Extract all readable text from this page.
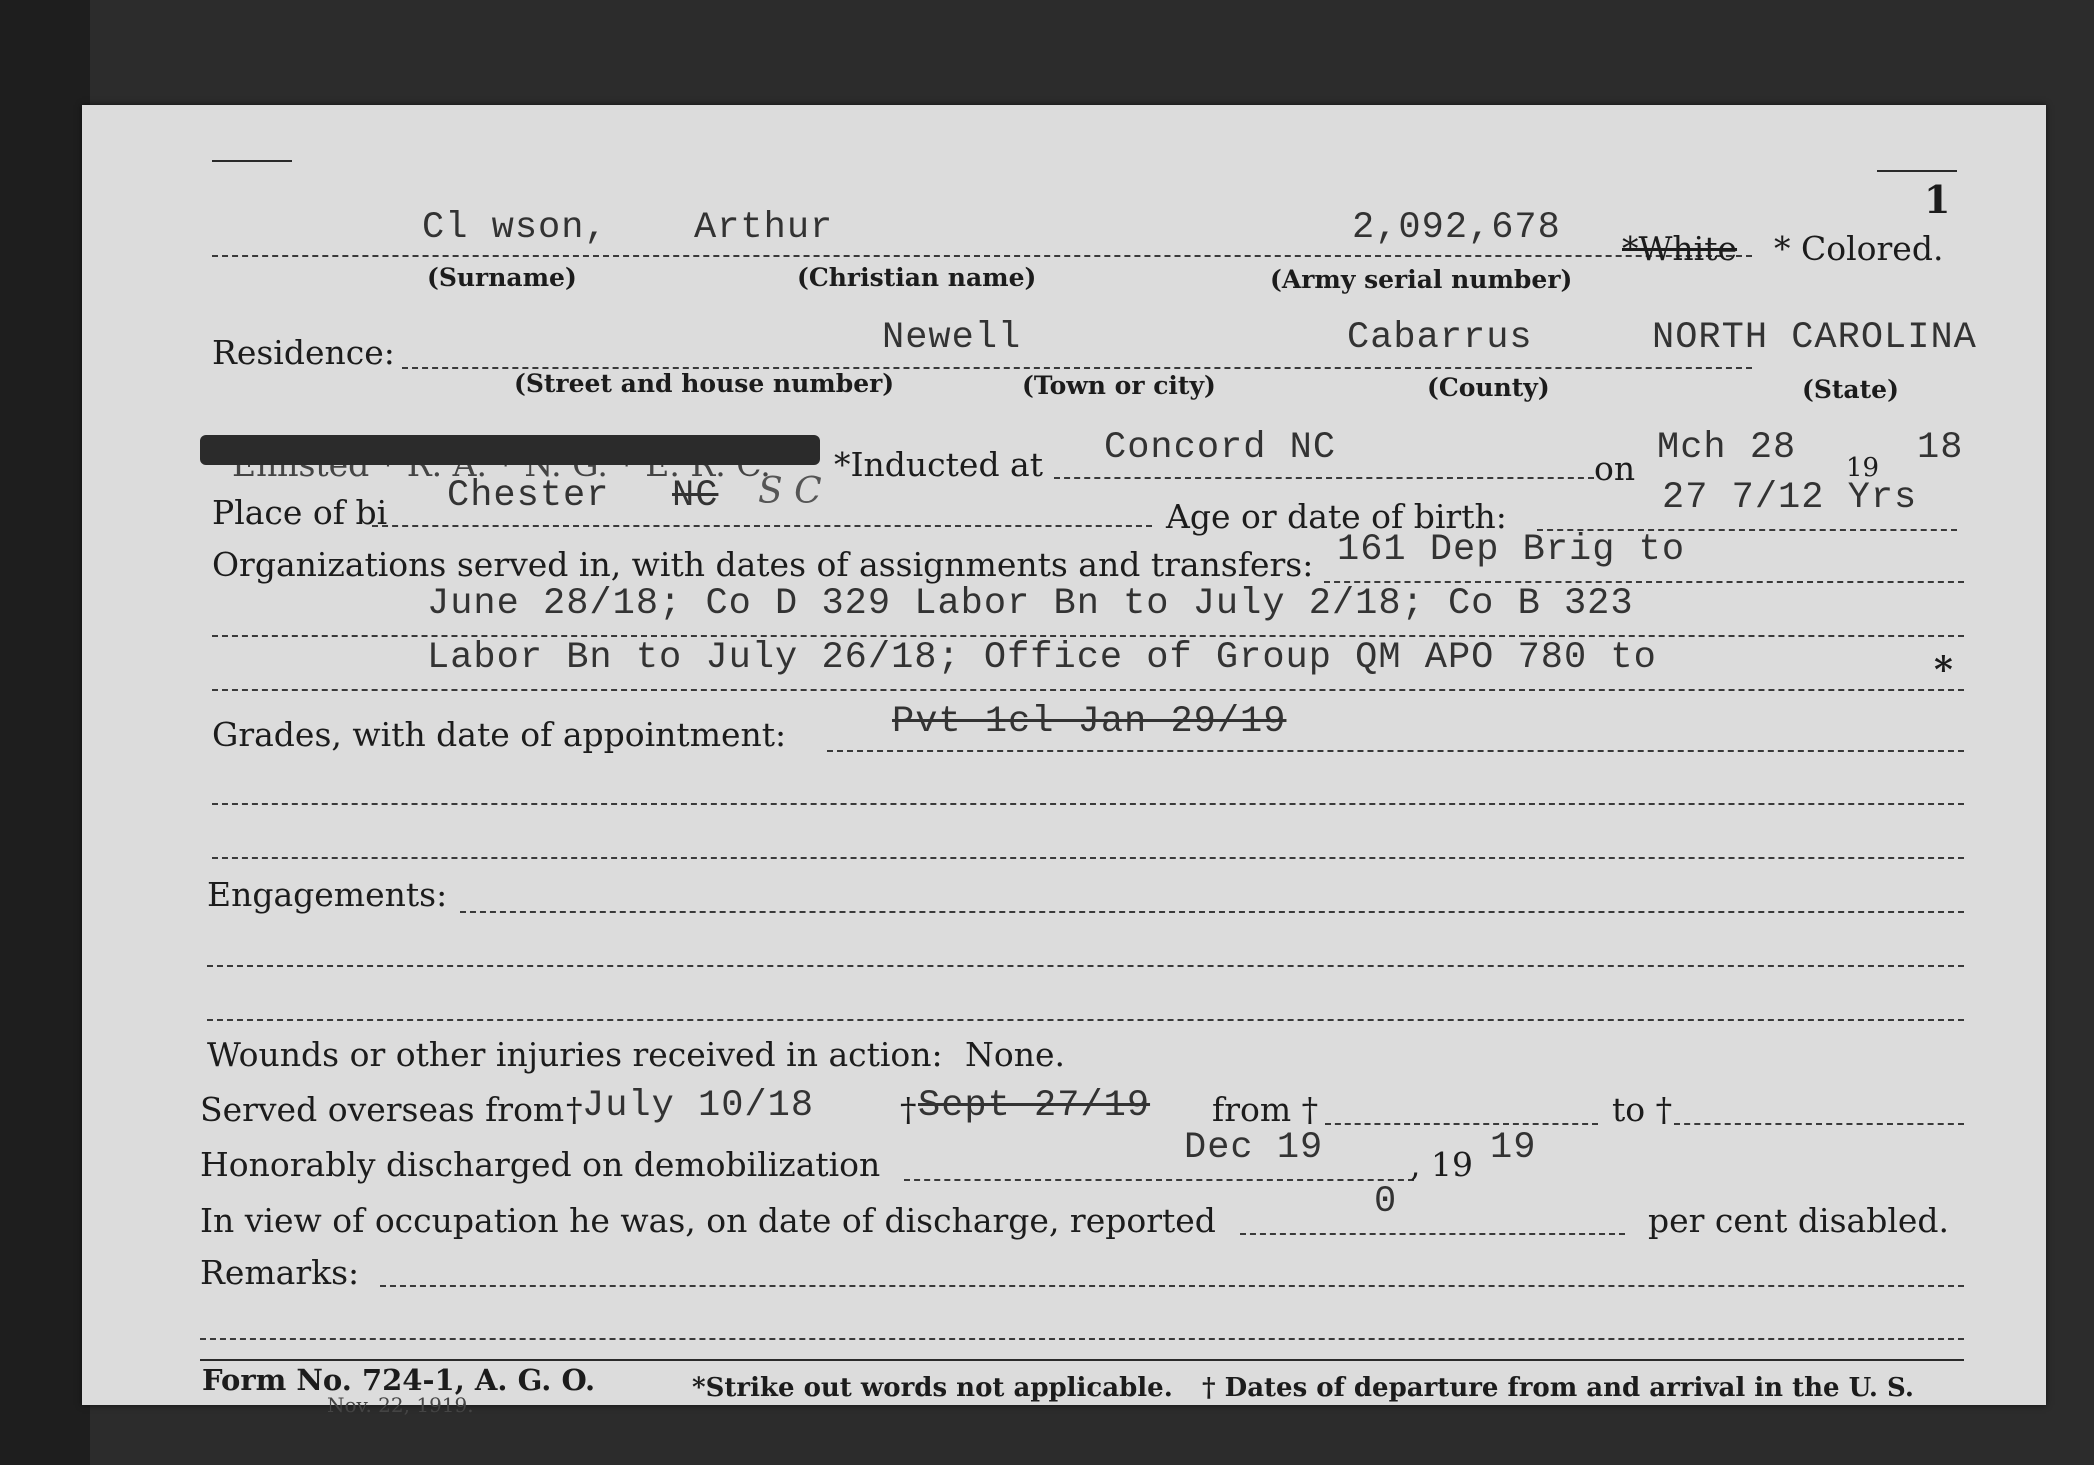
1
Cl wson, Arthur	2,092,678 *White * Colored.
(Surname)	(Christian name)	(Army serial number)
Residence:	Newell	Cabarrus	NORTH CAROLINA
(Street and house number)	(Town or city)	(County)	(State)
*Inducted at Concord NC	on Mch 28 19 18
Place of bi Chester NC S C
Age or date of birth:	27 7/12 Yrs
Organizations served in, with dates of assignments and transfers: 161 Dep Brig to
June 28/18; Co D 329 Labor Bn to July 2/18; Co B 323
Labor Bn to July 26/18; Office of Group QM APO 780 to	*
Grades, with date of appointment:	Pvt 1cl Jan 29/19
Engagements:
Wounds or other injuries received in action: None.
Served overseas from † July 10/18	† Sept 27/19 from †	to †
Honorably discharged on demobilization	Dec 19	, 19 19
In view of occupation he was, on date of discharge, reported	0	per cent disabled.
Remarks:
Form No. 724-1, A. G. O.
Nov. 22, 1919.
*Strike out words not applicable. † Dates of departure from and arrival in the U. S.
